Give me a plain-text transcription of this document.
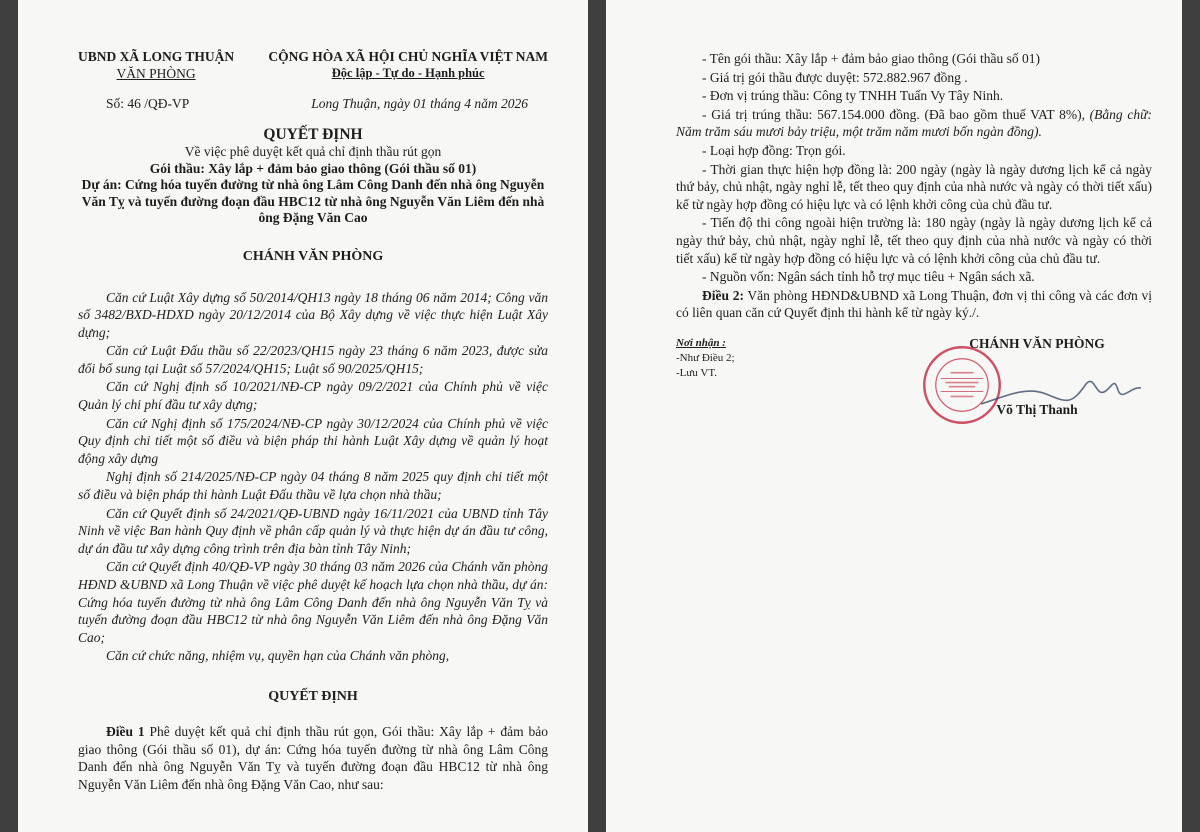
UBND XÃ LONG THUẬN
VĂN PHÒNG
CỘNG HÒA XÃ HỘI CHỦ NGHĨA VIỆT NAM
Độc lập - Tự do - Hạnh phúc
Số: 46 /QĐ-VP	Long Thuận, ngày 01 tháng 4 năm 2026
QUYẾT ĐỊNH
Về việc phê duyệt kết quả chỉ định thầu rút gọn
Gói thầu: Xây lắp + đảm bảo giao thông (Gói thầu số 01)
Dự án: Cứng hóa tuyến đường từ nhà ông Lâm Công Danh đến nhà ông Nguyễn Văn Tỵ và tuyến đường đoạn đầu HBC12 từ nhà ông Nguyễn Văn Liêm đến nhà ông Đặng Văn Cao
CHÁNH VĂN PHÒNG

Căn cứ Luật Xây dựng số 50/2014/QH13 ngày 18 tháng 06 năm 2014; Công văn số 3482/BXD-HDXD ngày 20/12/2014 của Bộ Xây dựng về việc thực hiện Luật Xây dựng;

Căn cứ Luật Đấu thầu số 22/2023/QH15 ngày 23 tháng 6 năm 2023, được sửa đổi bổ sung tại Luật số 57/2024/QH15; Luật số 90/2025/QH15;

Căn cứ Nghị định số 10/2021/NĐ-CP ngày 09/2/2021 của Chính phủ về việc Quản lý chi phí đầu tư xây dựng;

Căn cứ Nghị định số 175/2024/NĐ-CP ngày 30/12/2024 của Chính phủ về việc Quy định chi tiết một số điều và biện pháp thi hành Luật Xây dựng về quản lý hoạt động xây dựng

Nghị định số 214/2025/NĐ-CP ngày 04 tháng 8 năm 2025 quy định chi tiết một số điều và biện pháp thi hành Luật Đấu thầu về lựa chọn nhà thầu;

Căn cứ Quyết định số 24/2021/QĐ-UBND ngày 16/11/2021 của UBND tỉnh Tây Ninh về việc Ban hành Quy định về phân cấp quản lý và thực hiện dự án đầu tư công, dự án đầu tư xây dựng công trình trên địa bàn tỉnh Tây Ninh;

Căn cứ Quyết định 40/QĐ-VP ngày 30 tháng 03 năm 2026 của Chánh văn phòng HĐND &UBND xã Long Thuận về việc phê duyệt kế hoạch lựa chọn nhà thầu, dự án: Cứng hóa tuyến đường từ nhà ông Lâm Công Danh đến nhà ông Nguyễn Văn Tỵ và tuyến đường đoạn đầu HBC12 từ nhà ông Nguyễn Văn Liêm đến nhà ông Đặng Văn Cao;

Căn cứ chức năng, nhiệm vụ, quyền hạn của Chánh văn phòng,

QUYẾT ĐỊNH

Điều 1 Phê duyệt kết quả chỉ định thầu rút gọn, Gói thầu: Xây lắp + đảm bảo giao thông (Gói thầu số 01), dự án: Cứng hóa tuyến đường từ nhà ông Lâm Công Danh đến nhà ông Nguyễn Văn Tỵ và tuyến đường đoạn đầu HBC12 từ nhà ông Nguyễn Văn Liêm đến nhà ông Đặng Văn Cao, như sau:

- Tên gói thầu: Xây lắp + đảm bảo giao thông (Gói thầu số 01)

- Giá trị gói thầu được duyệt: 572.882.967 đồng .

- Đơn vị trúng thầu: Công ty TNHH Tuấn Vy Tây Ninh.

- Giá trị trúng thầu: 567.154.000 đồng. (Đã bao gồm thuế VAT 8%), (Bằng chữ: Năm trăm sáu mươi bảy triệu, một trăm năm mươi bốn ngàn đồng).

- Loại hợp đồng: Trọn gói.

- Thời gian thực hiện hợp đồng là: 200 ngày (ngày là ngày dương lịch kể cả ngày thứ bảy, chủ nhật, ngày nghỉ lễ, tết theo quy định của nhà nước và ngày có thời tiết xấu) kể từ ngày hợp đồng có hiệu lực và có lệnh khởi công của chủ đầu tư.

- Tiến độ thi công ngoài hiện trường là: 180 ngày (ngày là ngày dương lịch kể cả ngày thứ bảy, chủ nhật, ngày nghỉ lễ, tết theo quy định của nhà nước và ngày có thời tiết xấu) kể từ ngày hợp đồng có hiệu lực và có lệnh khởi công của chủ đầu tư.

- Nguồn vốn: Ngân sách tỉnh hỗ trợ mục tiêu + Ngân sách xã.

Điều 2: Văn phòng HĐND&UBND xã Long Thuận, đơn vị thi công và các đơn vị có liên quan căn cứ Quyết định thi hành kể từ ngày ký./.

Nơi nhận :
-Như Điều 2;
-Lưu VT.
CHÁNH VĂN PHÒNG
Võ Thị Thanh
